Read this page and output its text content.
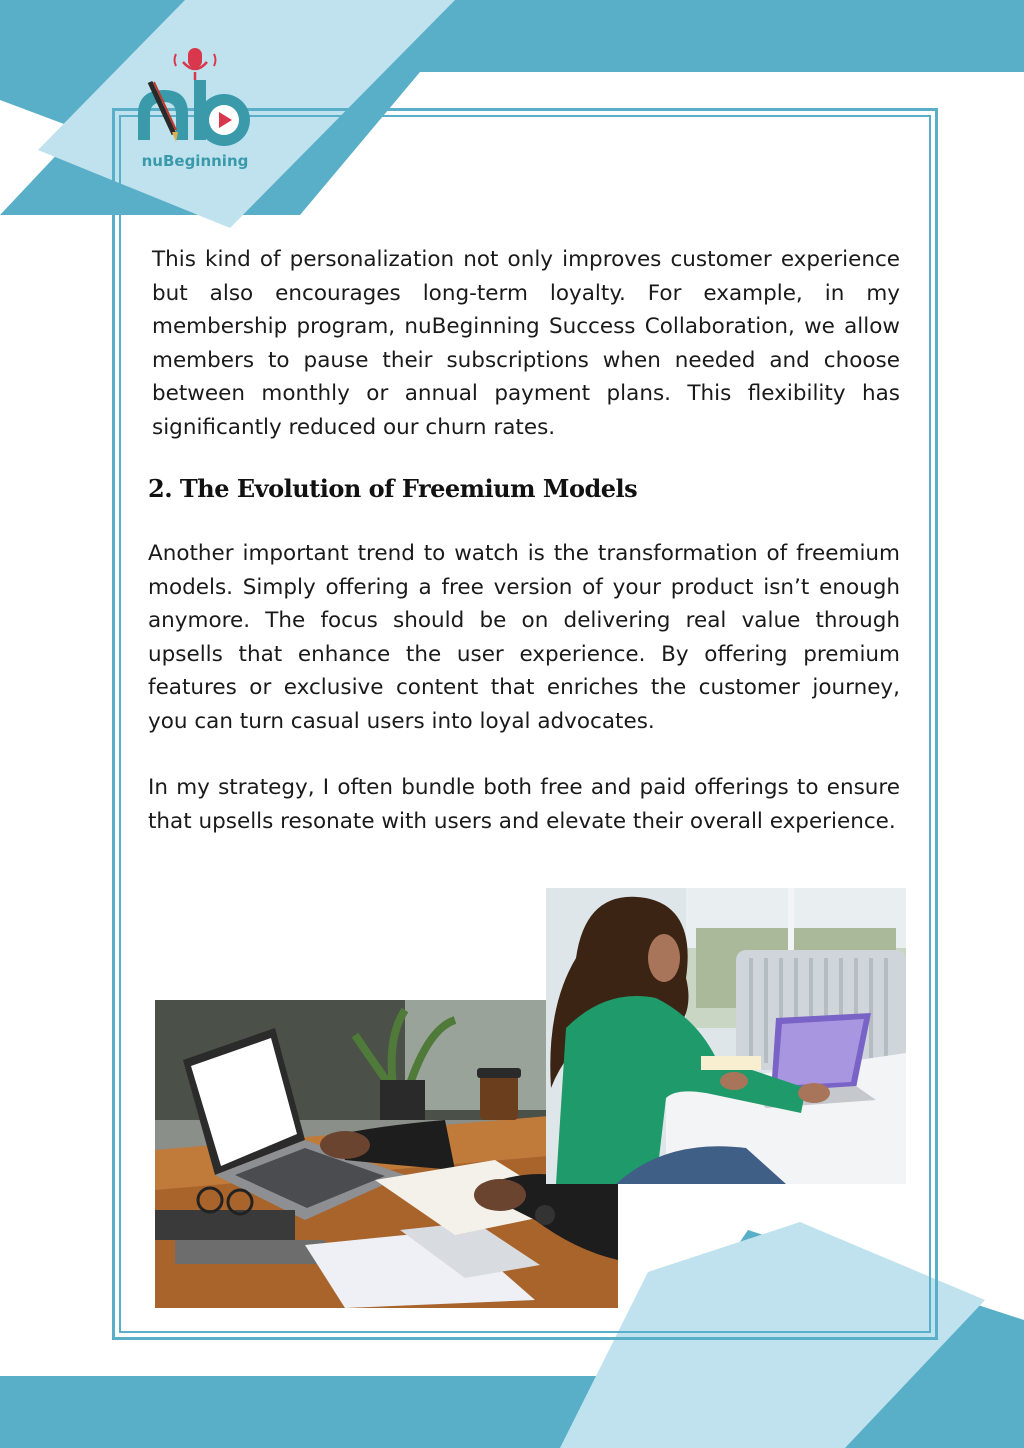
nuBeginning

This kind of personalization not only improves customer experience but also encourages long-term loyalty. For example, in my membership program, nuBeginning Success Collaboration, we allow members to pause their subscriptions when needed and choose between monthly or annual payment plans. This flexibility has significantly reduced our churn rates.

2. The Evolution of Freemium Models

Another important trend to watch is the transformation of freemium models. Simply offering a free version of your product isn’t enough anymore. The focus should be on delivering real value through upsells that enhance the user experience. By offering premium features or exclusive content that enriches the customer journey, you can turn casual users into loyal advocates.

In my strategy, I often bundle both free and paid offerings to ensure that upsells resonate with users and elevate their overall experience.
